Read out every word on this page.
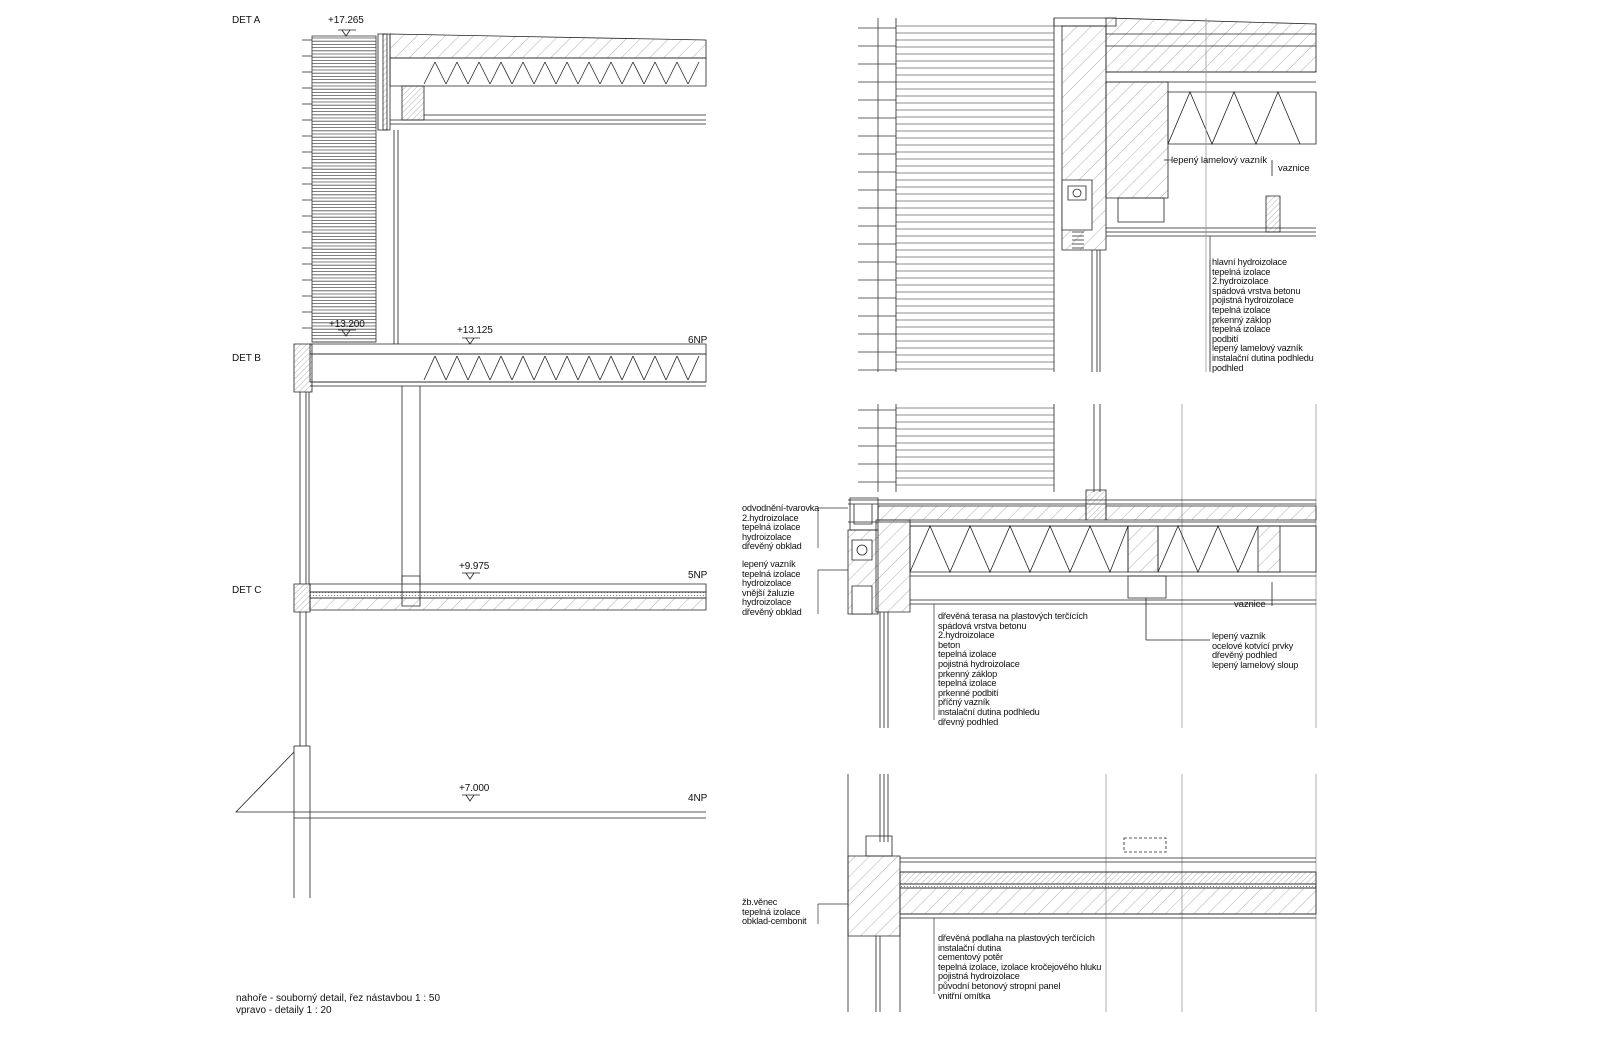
DET A
DET B
DET C
+17.265
+13.200
+13.125
+9.975
+7.000
6NP
5NP
4NP
lepený lamelový vazník
vaznice
hlavní hydroizolace
tepelná izolace
2.hydroizolace
spádová vrstva betonu
pojistná hydroizolace
tepelná izolace
prkenný záklop
tepelná izolace
podbití
lepený lamelový vazník
instalační dutina podhledu
podhled
odvodnění-tvarovka
2.hydroizolace
tepelná izolace
hydroizolace
dřevěný obklad
lepený vazník
tepelná izolace
hydroizolace
vnější žaluzie
hydroizolace
dřevěný obklad
vaznice
dřevěná terasa na plastových terčících
spádová vrstva betonu
2.hydroizolace
beton
tepelná izolace
pojistná hydroizolace
prkenný záklop
tepelná izolace
prkenné podbití
příčný vazník
instalační dutina podhledu
dřevný podhled
lepený vazník
ocelové kotvící prvky
dřevěný podhled
lepený lamelový sloup
žb.věnec
tepelná izolace
obklad-cembonit
dřevěná podlaha na plastových terčících
instalační dutina
cementový potěr
tepelná izolace, izolace kročejového hluku
pojistná hydroizolace
původní betonový stropní panel
vnitřní omítka
nahoře - souborný detail, řez nástavbou 1 : 50
vpravo - detaily 1 : 20
